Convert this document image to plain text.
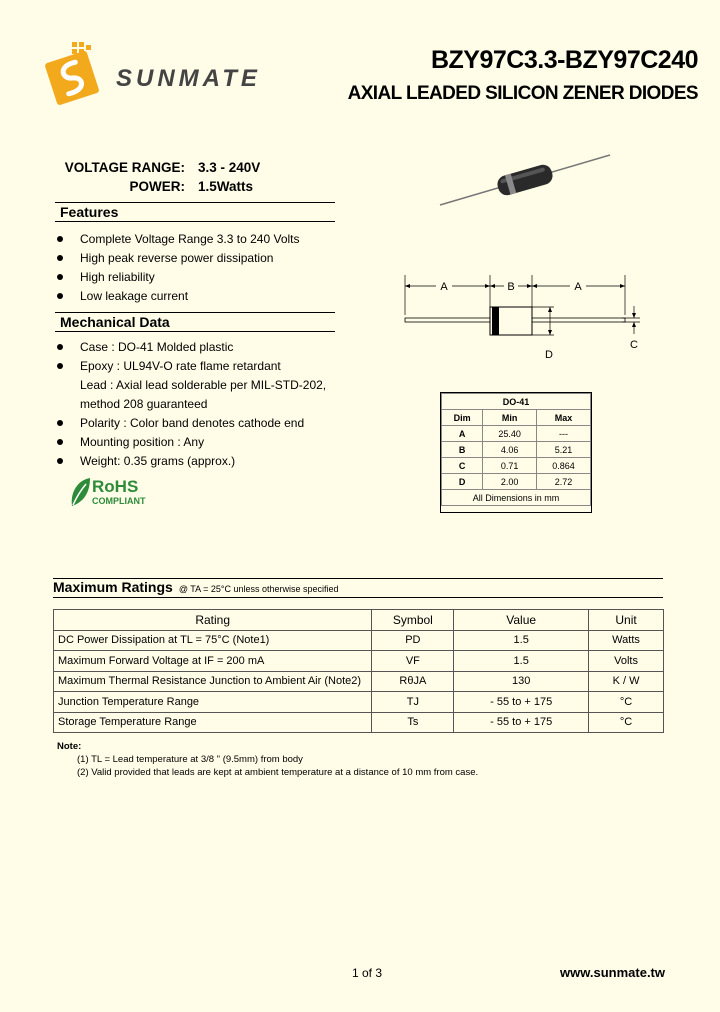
SUNMATE
BZY97C3.3-BZY97C240
AXIAL LEADED SILICON ZENER DIODES
VOLTAGE RANGE: 3.3 - 240V
POWER: 1.5Watts
Features
Complete Voltage Range 3.3 to 240 Volts
High peak reverse power dissipation
High reliability
Low leakage current
Mechanical Data
Case : DO-41 Molded plastic
Epoxy : UL94V-O rate flame retardant
Lead : Axial lead solderable per MIL-STD-202,
method 208 guaranteed
Polarity : Color band denotes cathode end
Mounting position : Any
Weight: 0.35 grams (approx.)
RoHS
COMPLIANT
A	B	A
C
D
DO-41		
Dim	Min	Max
A	25.40	---
B	4.06	5.21
C	0.71	0.864
D	2.00	2.72
All Dimensions in mm		
Maximum Ratings @ TA = 25°C unless otherwise specified
Rating	Symbol	Value	Unit
DC Power Dissipation at TL = 75°C (Note1)	PD	1.5	Watts
Maximum Forward Voltage at IF = 200 mA	VF	1.5	Volts
Maximum Thermal Resistance Junction to Ambient Air (Note2)	RθJA	130	K / W
Junction Temperature Range	TJ	- 55 to + 175	°C
Storage Temperature Range	Ts	- 55 to + 175	°C
Note:
(1) TL = Lead temperature at 3/8 " (9.5mm) from body
(2) Valid provided that leads are kept at ambient temperature at a distance of 10 mm from case.
1 of 3	www.sunmate.tw
